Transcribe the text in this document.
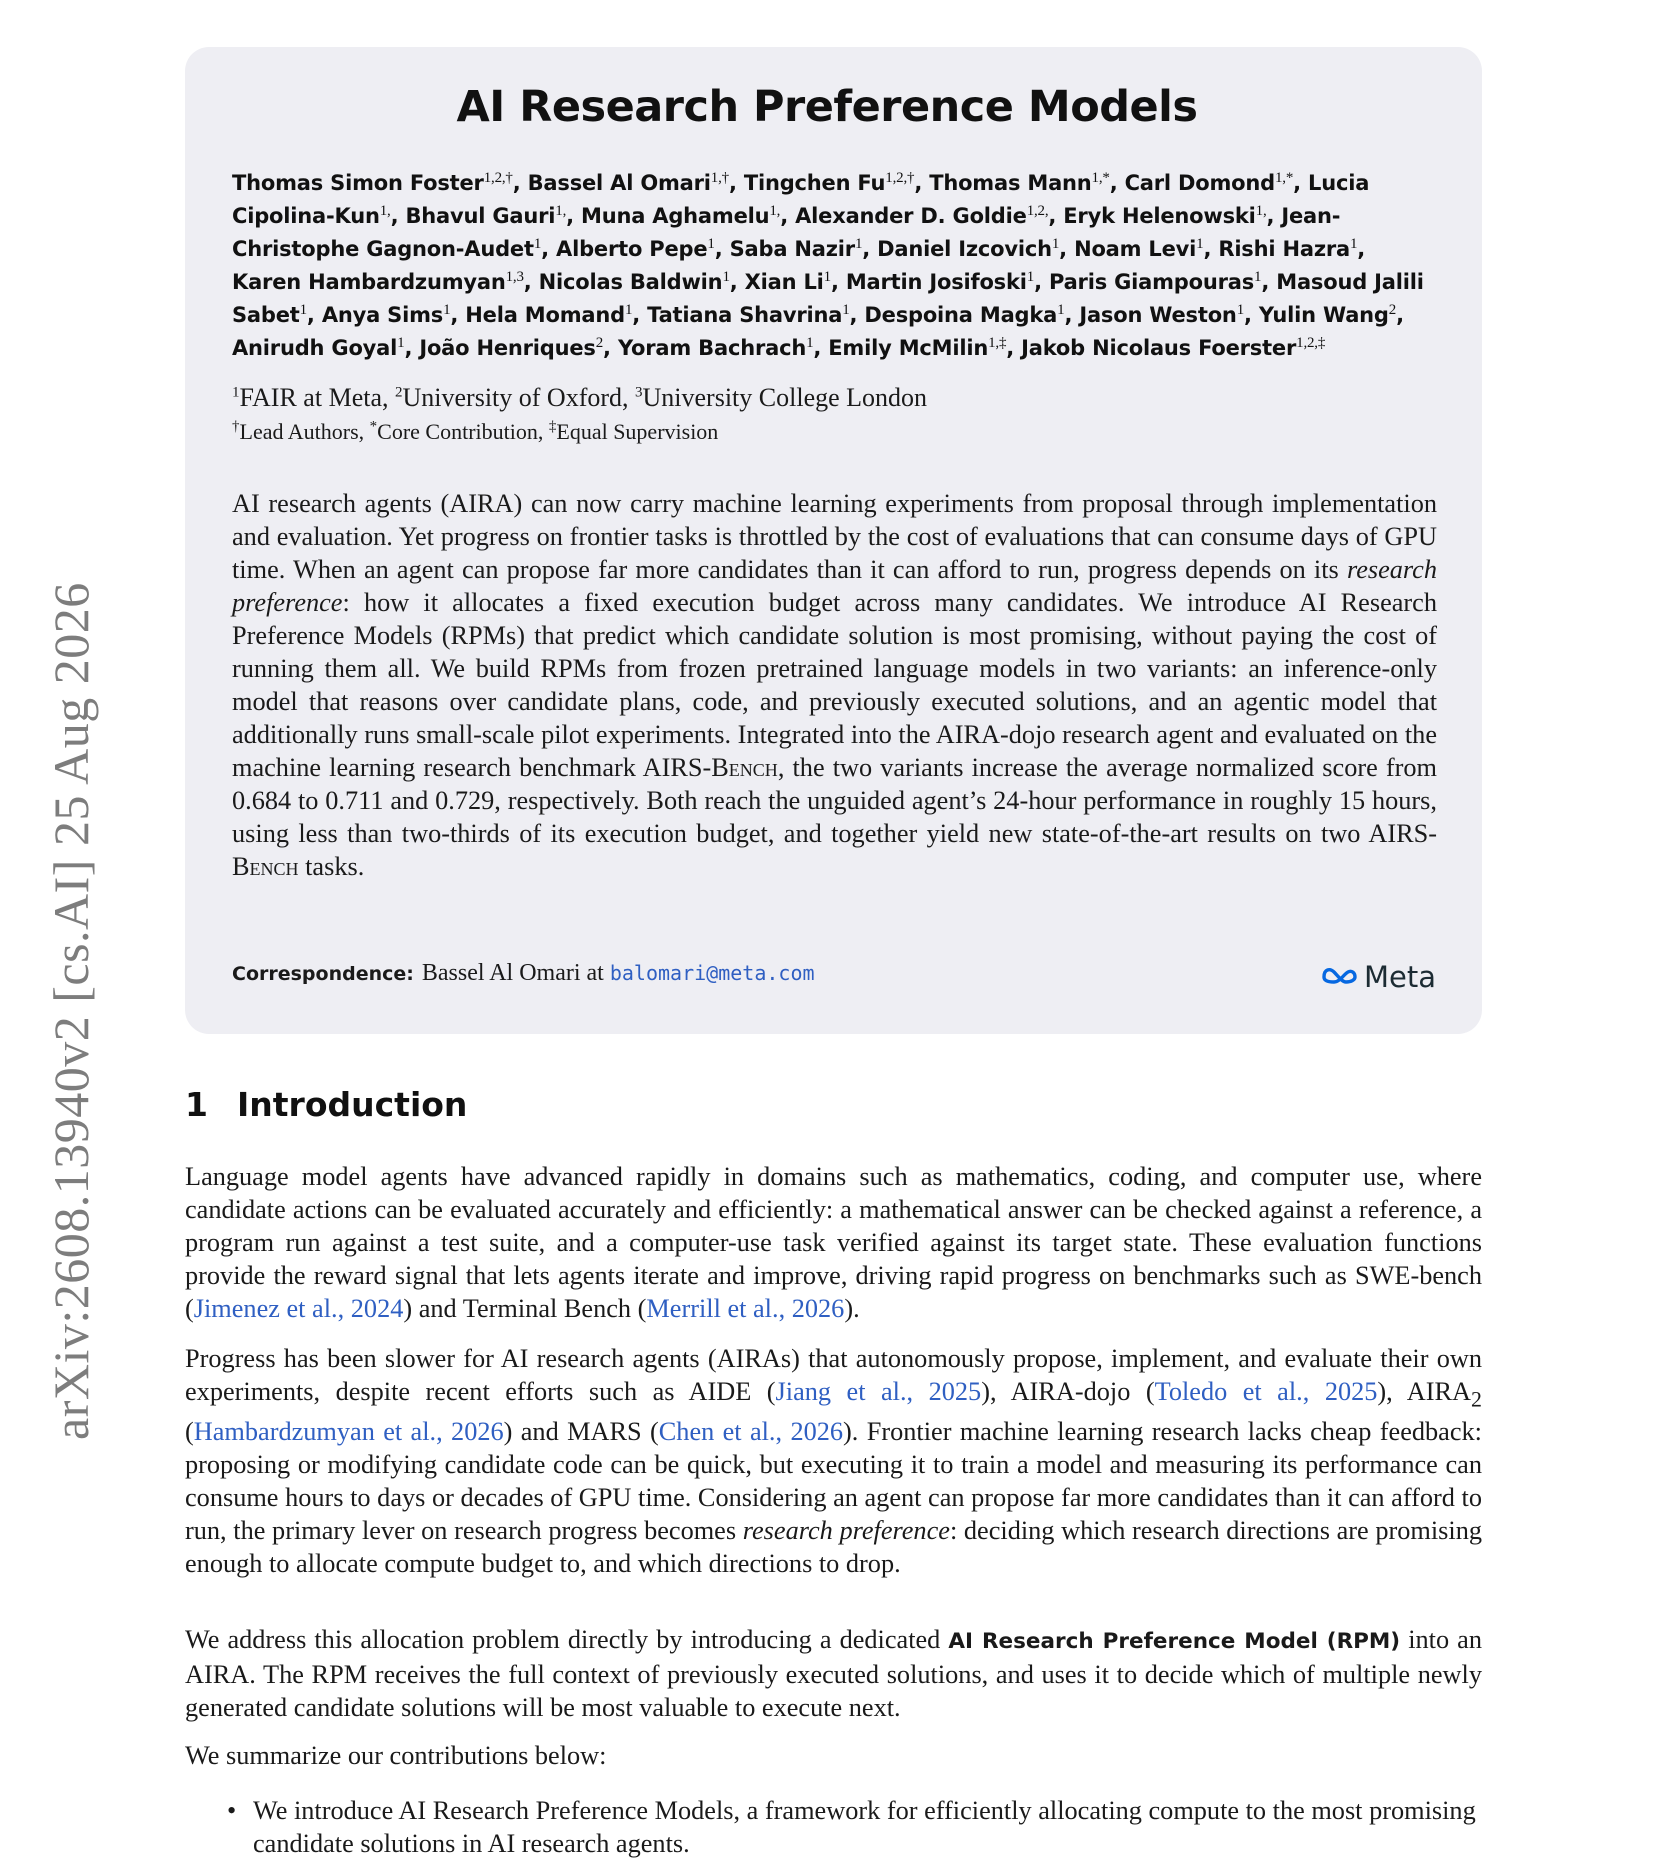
arXiv:2608.13940v2 [cs.AI] 25 Aug 2026
AI Research Preference Models
Thomas Simon Foster$^{1,2,\dagger}$, Bassel Al Omari$^{1,\dagger}$, Tingchen $Fu^{1,2,\dagger}$, Thomas Mann$^{1,*}$, Carl Domond$^{1,*}$, Lucia Cipolina-Kun$^{1,}$, Bhavul Gauri$^{1,}$, Muna Aghamelu$^{1,}$, Alexander D. Goldie$^{1,2,}$, Eryk Helenowski$^{1,}$, Jean-Christophe Gagnon-Audet$^1$, Alberto Pepe$^1$, Saba Nazir$^1$, Daniel Izcovich$^1$, Noam Levi$^1$, Rishi Hazra$^1$, Karen Hambardzumyan$^{1,3}$, Nicolas Baldwin$^1$, Xian Li$^1$, Martin Josifoski$^1$, Paris Giampouras$^1$, Masoud Jalili Sabet$^1$, Anya Sims$^1$, Hela Momand$^1$, Tatiana Shavrina$^1$, Despoina Magka$^1$, Jason Weston$^1$, Yulin Wang$^2$, Anirudh Goyal$^1$, João Henriques$^2$, Yoram Bachrach$^1$, Emily McMilin$^{1,\ddagger}$, Jakob Nicolaus Foerster$^{1,2,\ddagger}$
$^1$FAIR at Meta, $^2$University of Oxford, $^3$University College London
†Lead Authors, *Core Contribution, ‡Equal Supervision

AI research agents (AIRA) can now carry machine learning experiments from proposal through implementation and evaluation. Yet progress on frontier tasks is throttled by the cost of evaluations that can consume days of GPU time. When an agent can propose far more candidates than it can afford to run, progress depends on its research preference: how it allocates a fixed execution budget across many candidates. We introduce AI Research Preference Models (RPMs) that predict which candidate solution is most promising, without paying the cost of running them all. We build RPMs from frozen pretrained language models in two variants: an inference-only model that reasons over candidate plans, code, and previously executed solutions, and an agentic model that additionally runs small-scale pilot experiments. Integrated into the AIRA-dojo research agent and evaluated on the machine learning research benchmark AIRS-Bench, the two variants increase the average normalized score from 0.684 to 0.711 and 0.729, respectively. Both reach the unguided agent’s 24-hour performance in roughly 15 hours, using less than two-thirds of its execution budget, and together yield new state-of-the-art results on two AIRS-Bench tasks.

Correspondence: Bassel Al Omari at balomari@meta.com	Meta
1 Introduction

Language model agents have advanced rapidly in domains such as mathematics, coding, and computer use, where candidate actions can be evaluated accurately and efficiently: a mathematical answer can be checked against a reference, a program run against a test suite, and a computer-use task verified against its target state. These evaluation functions provide the reward signal that lets agents iterate and improve, driving rapid progress on benchmarks such as SWE-bench (Jimenez et al., 2024) and Terminal Bench (Merrill et al., 2026).

Progress has been slower for AI research agents (AIRAs) that autonomously propose, implement, and evaluate their own experiments, despite recent efforts such as AIDE (Jiang et al., 2025), AIRA-dojo (Toledo et al., 2025), $AIRA_2$ (Hambardzumyan et al., 2026) and MARS (Chen et al., 2026). Frontier machine learning research lacks cheap feedback: proposing or modifying candidate code can be quick, but executing it to train a model and measuring its performance can consume hours to days or decades of GPU time. Considering an agent can propose far more candidates than it can afford to run, the primary lever on research progress becomes research preference: deciding which research directions are promising enough to allocate compute budget to, and which directions to drop.

We address this allocation problem directly by introducing a dedicated AI Research Preference Model (RPM) into an AIRA. The RPM receives the full context of previously executed solutions, and uses it to decide which of multiple newly generated candidate solutions will be most valuable to execute next.

We summarize our contributions below:

• We introduce AI Research Preference Models, a framework for efficiently allocating compute to the most promising candidate solutions in AI research agents.
